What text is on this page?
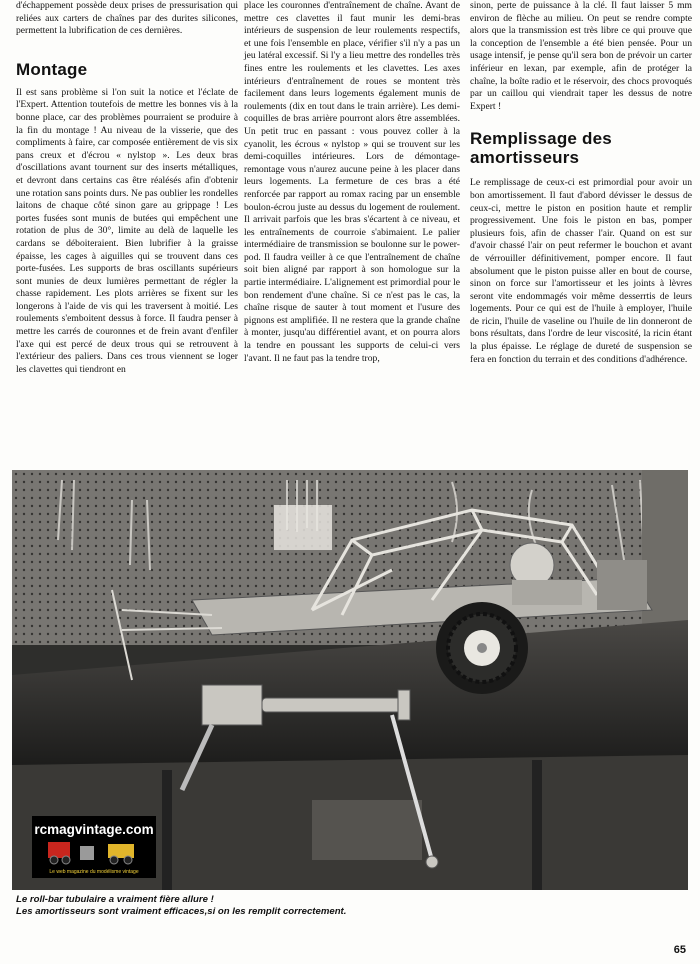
d'échappement possède deux prises de pressurisation qui reliées aux carters de chaînes par des durites silicones, permettent la lubrification de ces dernières.

Montage

Il est sans problème si l'on suit la notice et l'éclate de l'Expert. Attention toutefois de mettre les bonnes vis à la bonne place, car des problèmes pourraient se produire à la fin du montage ! Au niveau de la visserie, que des compliments à faire, car composée entièrement de vis six pans creux et d'écrou « nylstop ». Les deux bras d'oscillations avant tournent sur des inserts métalliques, et devront dans certains cas être réalésés afin d'obtenir une rotation sans points durs. Ne pas oublier les rondelles laitons de chaque côté sinon gare au grippage ! Les portes fusées sont munis de butées qui empêchent une rotation de plus de 30°, limite au delà de laquelle les cardans se déboiteraient. Bien lubrifier à la graisse épaisse, les cages à aiguilles qui se trouvent dans ces porte-fusées. Les supports de bras oscillants supérieurs sont munies de deux lumières permettant de régler la chasse rapidement. Les plots arrières se fixent sur les longerons à l'aide de vis qui les traversent à moitié. Les roulements s'emboitent dessus à force. Il faudra penser à mettre les carrés de couronnes et de frein avant d'enfiler l'axe qui est percé de deux trous qui se retrouvent à l'extérieur des paliers. Dans ces trous viennent se loger les clavettes qui tiendront en

place les couronnes d'entraînement de chaîne. Avant de mettre ces clavettes il faut munir les demi-bras intérieurs de suspension de leur roulements respectifs, et une fois l'ensemble en place, vérifier s'il n'y a pas un jeu latéral excessif. Si l'y a lieu mettre des rondelles très fines entre les roulements et les clavettes. Les axes intérieurs d'entraînement de roues se montent très facilement dans leurs logements également munis de roulements (dix en tout dans le train arrière). Les demi-coquilles de bras arrière pourront alors être assemblées. Un petit truc en passant : vous pouvez coller à la cyanolit, les écrous « nylstop » qui se trouvent sur les demi-coquilles intérieures. Lors de démontage-remontage vous n'aurez aucune peine à les placer dans leurs logements. La fermeture de ces bras a été renforcée par rapport au romax racing par un ensemble boulon-écrou juste au dessus du logement de roulement. Il arrivait parfois que les bras s'écartent à ce niveau, et les entraînements de courroie s'abimaient. Le palier intermédiaire de transmission se boulonne sur le power-pod. Il faudra veiller à ce que l'entraînement de chaîne soit bien aligné par rapport à son homologue sur la partie intermédiaire. L'alignement est primordial pour le bon rendement d'une chaîne. Si ce n'est pas le cas, la chaîne risque de sauter à tout moment et l'usure des pignons est amplifiée. Il ne restera que la grande chaîne à monter, jusqu'au différentiel avant, et on pourra alors la tendre en poussant les supports de celui-ci vers l'avant. Il ne faut pas la tendre trop,

sinon, perte de puissance à la clé. Il faut laisser 5 mm environ de flèche au milieu. On peut se rendre compte alors que la transmission est très libre ce qui prouve que la conception de l'ensemble a été bien pensée. Pour un usage intensif, je pense qu'il sera bon de prévoir un carter inférieur en lexan, par exemple, afin de protéger la chaîne, la boîte radio et le réservoir, des chocs provoqués par un caillou qui viendrait taper les dessus de notre Expert !

Remplissage des
amortisseurs

Le remplissage de ceux-ci est primordial pour avoir un bon amortissement. Il faut d'abord dévisser le dessus de ceux-ci, mettre le piston en position haute et remplir progressivement. Une fois le piston en bas, pomper plusieurs fois, afin de chasser l'air. Quand on est sur d'avoir chassé l'air on peut refermer le bouchon et avant de vérrouiller définitivement, pomper encore. Il faut absolument que le piston puisse aller en bout de course, sinon on force sur l'amortisseur et les joints à lèvres seront vite endommagés voir même desserrtis de leurs logements. Pour ce qui est de l'huile à employer, l'huile de ricin, l'huile de vaseline ou l'huile de lin donneront de bons résultats, dans l'ordre de leur viscosité, la ricin étant la plus épaisse. Le réglage de dureté de suspension se fera en fonction du terrain et des conditions d'adhérence.

rcmagvintage.com
Le web magazine du modélisme vintage
Le roll-bar tubulaire a vraiment fière allure !
Les amortisseurs sont vraiment efficaces,si on les remplit correctement.
65
